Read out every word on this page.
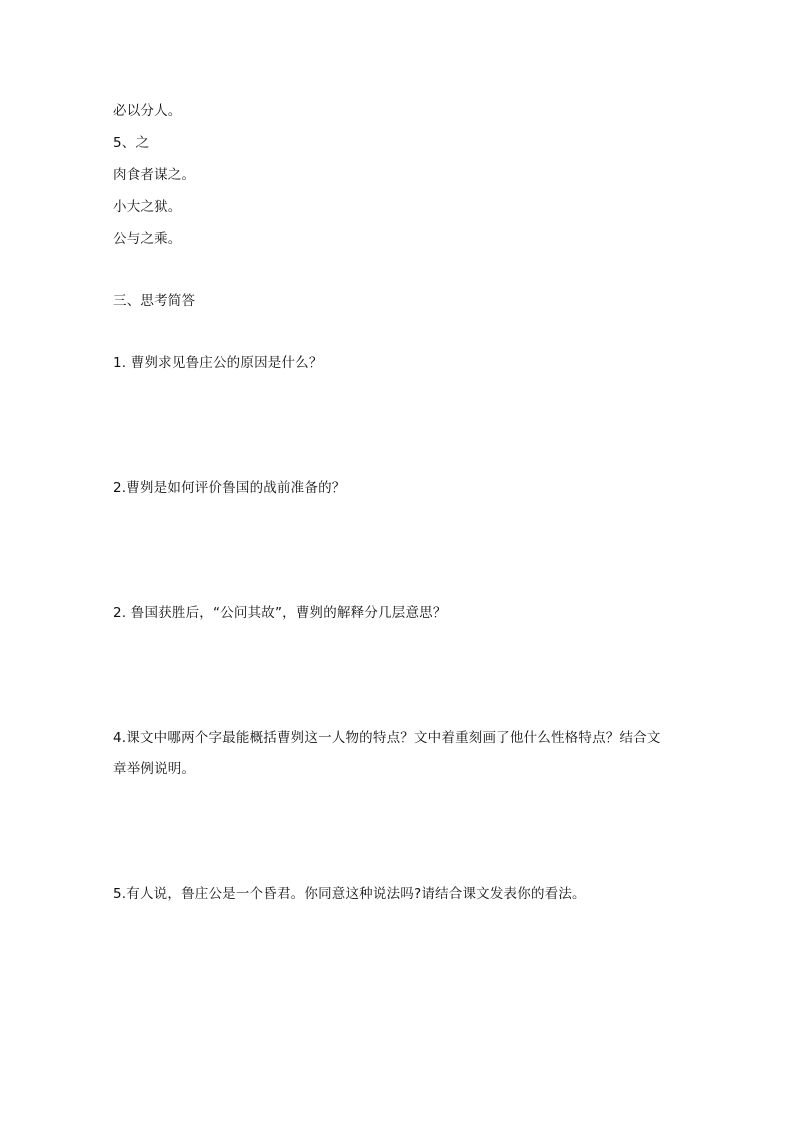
必以分人。
5、之
肉食者谋之。
小大之狱。
公与之乘。
三、思考简答
1. 曹刿求见鲁庄公的原因是什么？
2.曹刿是如何评价鲁国的战前准备的？
2. 鲁国获胜后，“公问其故”，曹刿的解释分几层意思？
4.课文中哪两个字最能概括曹刿这一人物的特点？文中着重刻画了他什么性格特点？结合文
章举例说明。
5.有人说，鲁庄公是一个昏君。你同意这种说法吗?请结合课文发表你的看法。
